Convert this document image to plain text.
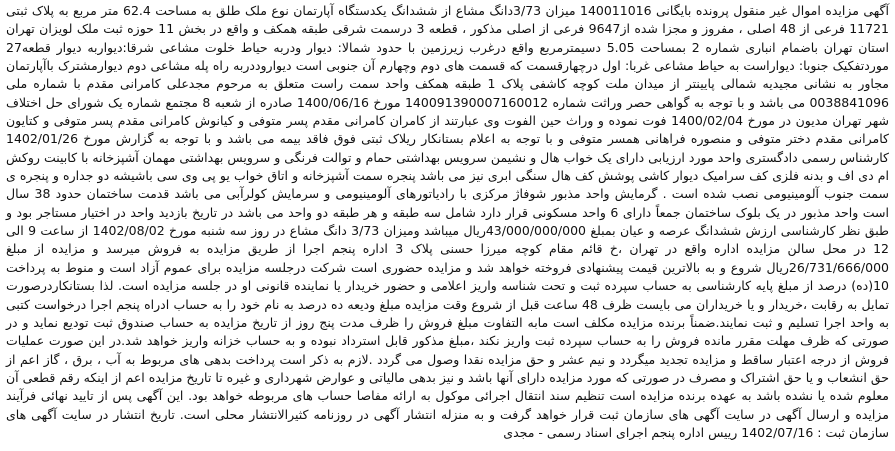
آگهی مزایده اموال غیر منقول پرونده بایگانی 140011016 میزان 3/73دانگ مشاع از ششدانگ یکدستگاه آپارتمان نوع ملک طلق به مساحت 62.4 متر مربع به پلاک ثبتی 11721 فرعی از 48 اصلی ، مفروز و مجزا شده از9647 فرعی از اصلی مذکور ، قطعه 3 درسمت شرقی طبقه همکف و واقع در بخش 11 حوزه ثبت ملک لویزان تهران استان تهران باضمام انباری شماره 2 بمساحت 5.05 دسیمترمربع واقع درغرب زیرزمین با حدود شمالا: دیوار ودربه حیاط خلوت مشاعی شرقا:دیواربه دیوار قطعه27 موردتفکیک جنوبا: دیواراست به حیاط مشاعی غربا: اول درچهارقسمت که قسمت های دوم وچهارم آن جنوبی است دیواروددربه راه پله مشاعی دوم دیوارمشترک باآپارتمان مجاور به نشانی مجیدیه شمالی پایینتر از میدان ملت کوچه کاشفی پلاک 1 طبقه همکف واحد سمت راست متعلق به مرحوم مجدعلی کامرانی مقدم با شماره ملی 0038841096 می باشد و با توجه به گواهی حصر وراثت شماره 140091390007160012 مورخ 1400/06/16 صادره از شعبه 8 مجتمع شماره یک شورای حل اختلاف شهر تهران مدیون در مورخ 1400/02/04 فوت نموده و وراث حین الفوت وی عبارتند از کامران کامرانی مقدم پسر متوفی و کیانوش کامرانی مقدم پسر متوفی و کتایون کامرانی مقدم دختر متوفی و منصوره فراهانی همسر متوفی و با توجه به اعلام بستانکار ریلاک ثبتی فوق فاقد بیمه می باشد و با توجه به گزارش مورخ 1402/01/26 کارشناس رسمی دادگستری واحد مورد ارزیابی دارای یک خواب هال و نشیمن سرویس بهداشتی حمام و توالت فرنگی و سرویس بهداشتی مهمان آشپزخانه با کابینت روکش ام دی اف و بدنه فلزی کف سرامیک دیوار کاشی پوشش کف هال سنگی ابری نیز می باشد پنجره سمت آشپزخانه و اتاق خواب یو پی وی سی باشیشه دو جداره و پنجره ی سمت جنوب آلومینیومی نصب شده است . گرمایش واحد مذبور شوفاژ مرکزی با رادیاتورهای آلومینیومی و سرمایش کولرآبی می باشد قدمت ساختمان حدود 38 سال است واحد مذبور در یک بلوک ساختمان جمعاً دارای 6 واحد مسکونی قرار دارد شامل سه طبقه و هر طبقه دو واحد می باشد در تاریخ بازدید واحد در اختیار مستاجر بود و طبق نظر کارشناسی ارزش ششدانگ عرصه و عیان بمبلغ 43/000/000/000ریال میباشد ومیزان 3/73 دانگ مشاع در روز سه شنبه مورخ 1402/08/02 از ساعت 9 الی 12 در محل سالن مزایده اداره واقع در تهران ،خ قائم مقام کوچه میرزا حسنی پلاک 3 اداره پنجم اجرا از طریق مزایده به فروش میرسد و مزایده از مبلغ 26/731/666/000ریال شروع و به بالاترین قیمت پیشنهادی فروخته خواهد شد و مزایده حضوری است شرکت درجلسه مزایده برای عموم آزاد است و منوط به پرداخت 10(ده) درصد از مبلغ پایه کارشناسی به حساب سپرده ثبت و تحت شناسه واریز اعلامی و حضور خریدار یا نماینده قانونی او در جلسه مزایده است. لذا بستانکاردرصورت تمایل به رقابت ،خریدار و یا خریداران می بایست ظرف 48 ساعت قبل از شروع وقت مزایده مبلغ ودیعه ده درصد به نام خود را به حساب ادراه پنجم اجرا درخواست کتبی به واحد اجرا تسلیم و ثبت نمایند.ضمناً برنده مزایده مکلف است مابه التفاوت مبلغ فروش را ظرف مدت پنج روز از تاریخ مزایده به حساب صندوق ثبت تودیع نماید و در صورتی که ظرف مهلت مقرر مانده فروش را به حساب سپرده ثبت واریز نکند ،مبلغ مذکور قابل استرداد نبوده و به حساب خزانه واریز خواهد شد.در این صورت عملیات فروش از درجه اعتبار ساقط و مزایده تجدید میگردد و نیم عشر و حق مزایده نقدا وصول می گردد .لازم به ذکر است پرداخت بدهی های مربوط به آب ، برق ، گاز اعم از حق انشعاب و یا حق اشتراک و مصرف در صورتی که مورد مزایده دارای آنها باشد و نیز بدهی مالیاتی و عوارض شهرداری و غیره تا تاریخ مزایده اعم از اینکه رقم قطعی آن معلوم شده یا نشده باشد به عهده برنده مزایده است تنظیم سند انتقال اجرائی موکول به ارائه مفاصا حساب های مربوطه خواهد بود. این آگهی پس از تایید نهائی فرآیند مزایده و ارسال آگهی در سایت آگهی های سازمان ثبت قرار خواهد گرفت و به منزله انتشار آگهی در روزنامه کثیرالانتشار محلی است. تاریخ انتشار در سایت آگهی های سازمان ثبت : 1402/07/16 رییس اداره پنجم اجرای اسناد رسمی - مجدی
